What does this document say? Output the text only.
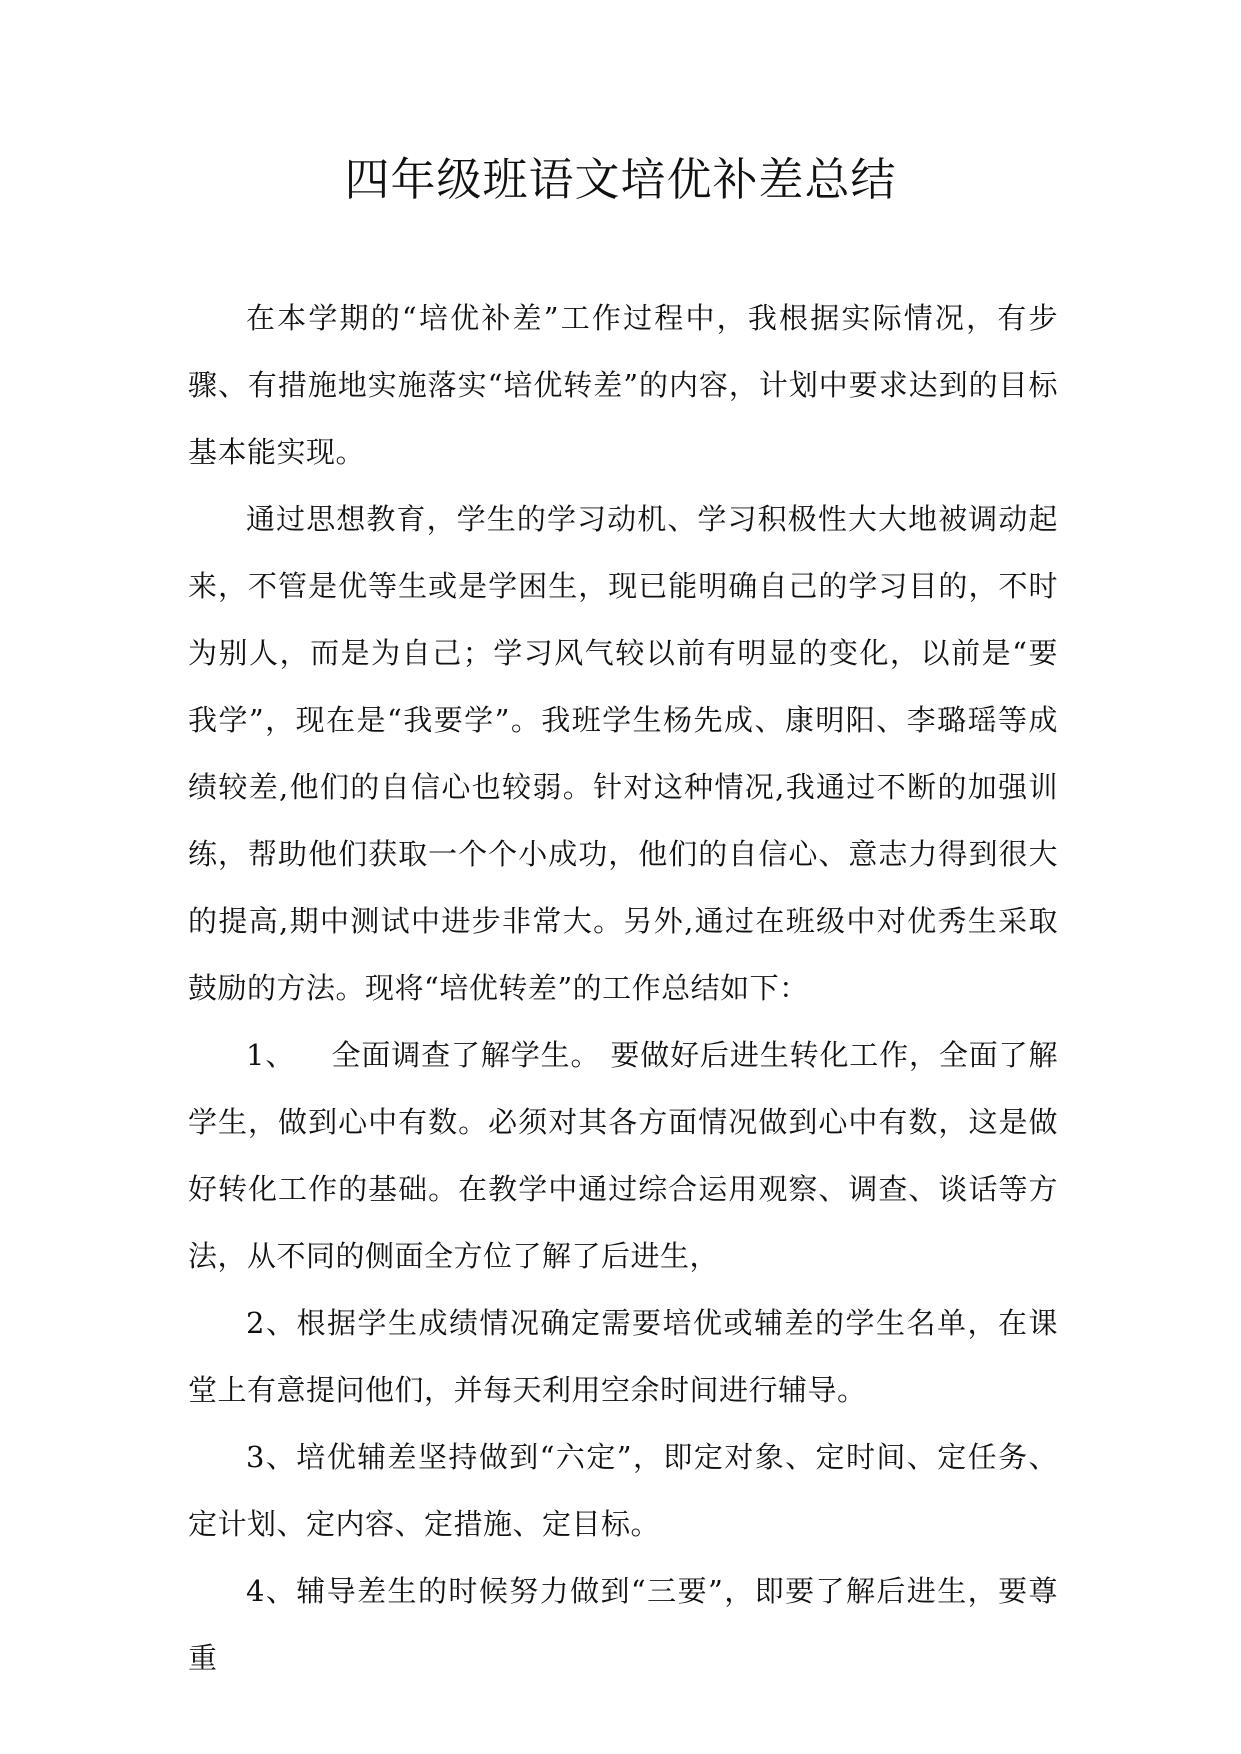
四年级班语文培优补差总结

在本学期的“培优补差”工作过程中，我根据实际情况，有步骤、有措施地实施落实“培优转差”的内容，计划中要求达到的目标基本能实现。

通过思想教育，学生的学习动机、学习积极性大大地被调动起来，不管是优等生或是学困生，现已能明确自己的学习目的，不时为别人，而是为自己；学习风气较以前有明显的变化，以前是“要我学”，现在是“我要学”。我班学生杨先成、康明阳、李璐瑶等成绩较差,他们的自信心也较弱。针对这种情况,我通过不断的加强训练，帮助他们获取一个个小成功，他们的自信心、意志力得到很大的提高,期中测试中进步非常大。另外,通过在班级中对优秀生采取鼓励的方法。现将“培优转差”的工作总结如下：

1、 全面调查了解学生。 要做好后进生转化工作，全面了解学生，做到心中有数。必须对其各方面情况做到心中有数，这是做好转化工作的基础。在教学中通过综合运用观察、调查、谈话等方法，从不同的侧面全方位了解了后进生，

2、根据学生成绩情况确定需要培优或辅差的学生名单，在课堂上有意提问他们，并每天利用空余时间进行辅导。

3、培优辅差坚持做到“六定”，即定对象、定时间、定任务、定计划、定内容、定措施、定目标。

4、辅导差生的时候努力做到“三要”，即要了解后进生，要尊重
